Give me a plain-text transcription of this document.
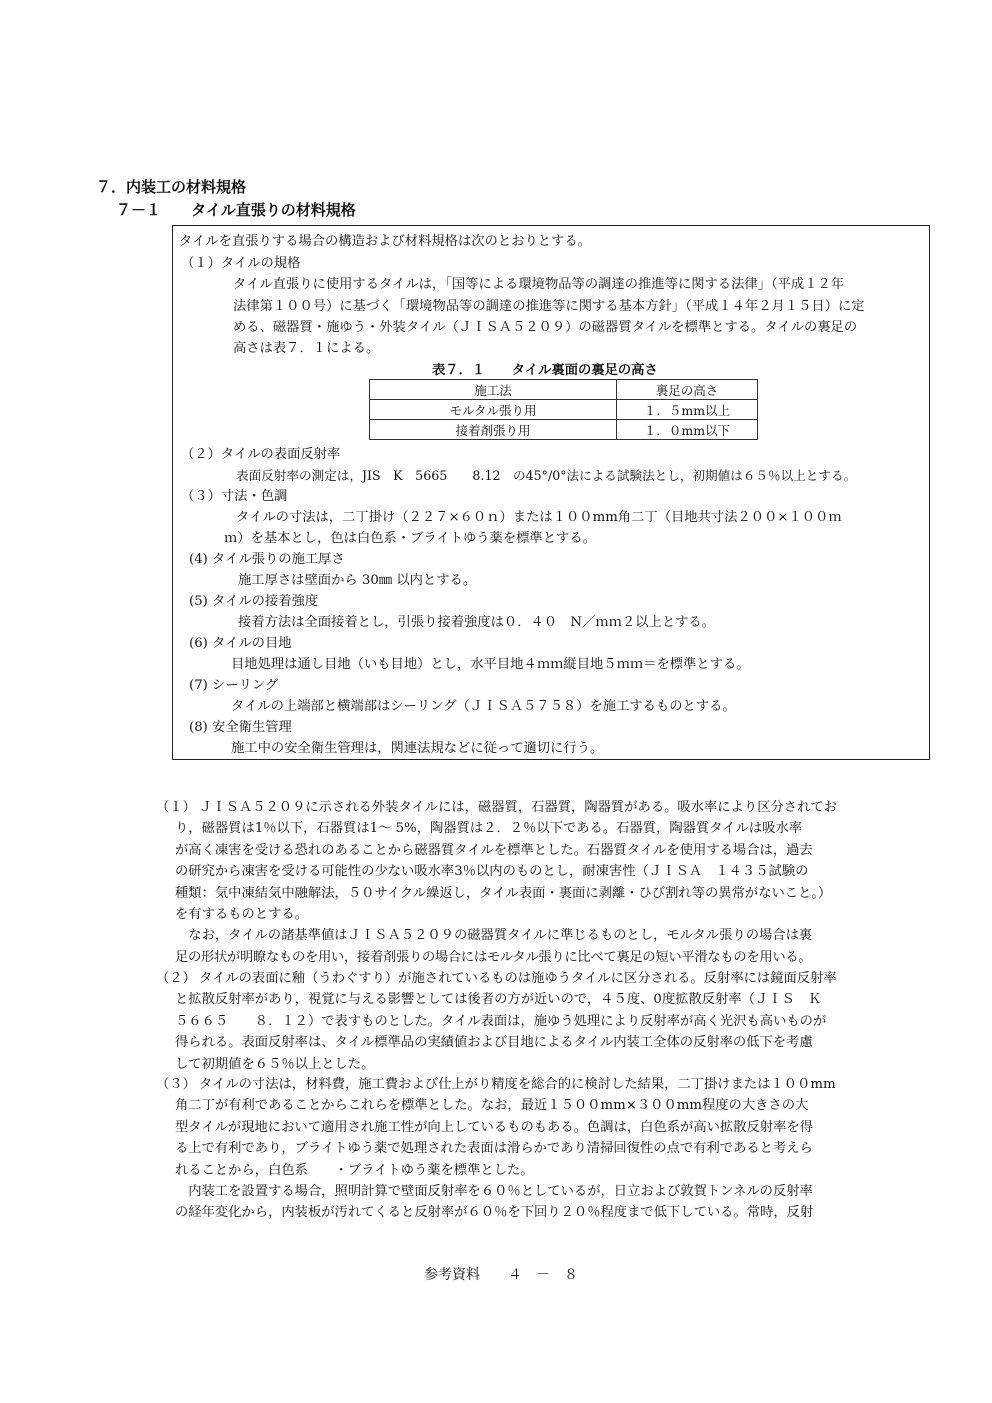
７．内装工の材料規格
７－１　　タイル直張りの材料規格
タイルを直張りする場合の構造および材料規格は次のとおりとする。
（１）タイルの規格
タイル直張りに使用するタイルは，「国等による環境物品等の調達の推進等に関する法律」（平成１２年
法律第１００号）に基づく「環境物品等の調達の推進等に関する基本方針」（平成１４年２月１５日）に定
める、磁器質・施ゆう・外装タイル（ＪＩＳＡ５２０９）の磁器質タイルを標準とする。タイルの裏足の
高さは表７．１による。
表７．１　　タイル裏面の裏足の高さ
施工法	裏足の高さ
モルタル張り用	１．５mm以上
接着剤張り用	１．０mm以下
（２）タイルの表面反射率
表面反射率の測定は，JIS　K　5665　　8.12　の45°/0°法による試験法とし，初期値は６５％以上とする。
（３）寸法・色調
タイルの寸法は，二丁掛け（２２７×６０ｎ）または１００mm角二丁（目地共寸法２００×１００ｍ
ｍ）を基本とし，色は白色系・ブライトゆう薬を標準とする。
(4) タイル張りの施工厚さ
施工厚さは壁面から 30㎜ 以内とする。
(5) タイルの接着強度
接着方法は全面接着とし，引張り接着強度は０．４０　N／ｍｍ２以上とする。
(6) タイルの目地
目地処理は通し目地（いも目地）とし，水平目地４ｍｍ縦目地５ｍｍ＝を標準とする。
(7) シーリング
タイルの上端部と横端部はシーリング（ＪＩＳＡ５７５８）を施工するものとする。
(8) 安全衛生管理
施工中の安全衛生管理は，関連法規などに従って適切に行う。
（１） ＪＩＳＡ５２０９に示される外装タイルには，磁器質，石器質，陶器質がある。吸水率により区分されてお
り，磁器質は1％以下，石器質は1～ 5%，陶器質は２．２％以下である。石器質，陶器質タイルは吸水率
が高く凍害を受ける恐れのあることから磁器質タイルを標準とした。石器質タイルを使用する場合は，過去
の研究から凍害を受ける可能性の少ない吸水率3％以内のものとし，耐凍害性（ＪＩＳＡ　１４３５試験の
種類：気中凍結気中融解法，５０サイクル繰返し，タイル表面・裏面に剥離・ひび割れ等の異常がないこと。）
を有するものとする。
　なお，タイルの諸基準値はＪＩＳＡ５２０９の磁器質タイルに準じるものとし，モルタル張りの場合は裏
足の形状が明瞭なものを用い，接着剤張りの場合にはモルタル張りに比べて裏足の短い平滑なものを用いる。
（２） タイルの表面に釉（うわぐすり）が施されているものは施ゆうタイルに区分される。反射率には鏡面反射率
と拡散反射率があり，視覚に与える影響としては後者の方が近いので，４５度、0度拡散反射率（ＪＩＳ　Ｋ
５６６５　　８．１２）で表すものとした。タイル表面は，施ゆう処理により反射率が高く光沢も高いものが
得られる。表面反射率は、タイル標準品の実績値および目地によるタイル内装工全体の反射率の低下を考慮
して初期値を６５％以上とした。
（３） タイルの寸法は，材料費，施工費および仕上がり精度を総合的に検討した結果，二丁掛けまたは１００mm
角二丁が有利であることからこれらを標準とした。なお，最近１５００mm×３００mm程度の大きさの大
型タイルが現地において適用され施工性が向上しているものもある。色調は，白色系が高い拡散反射率を得
る上で有利であり，ブライトゆう薬で処理された表面は滑らかであり清掃回復性の点で有利であると考えら
れることから，白色系　　・ブライトゆう薬を標準とした。
　内装工を設置する場合，照明計算で壁面反射率を６０％としているが，日立および敦賀トンネルの反射率
の経年変化から，内装板が汚れてくると反射率が６０％を下回り２０％程度まで低下している。常時，反射
参考資料　　４　－　８
